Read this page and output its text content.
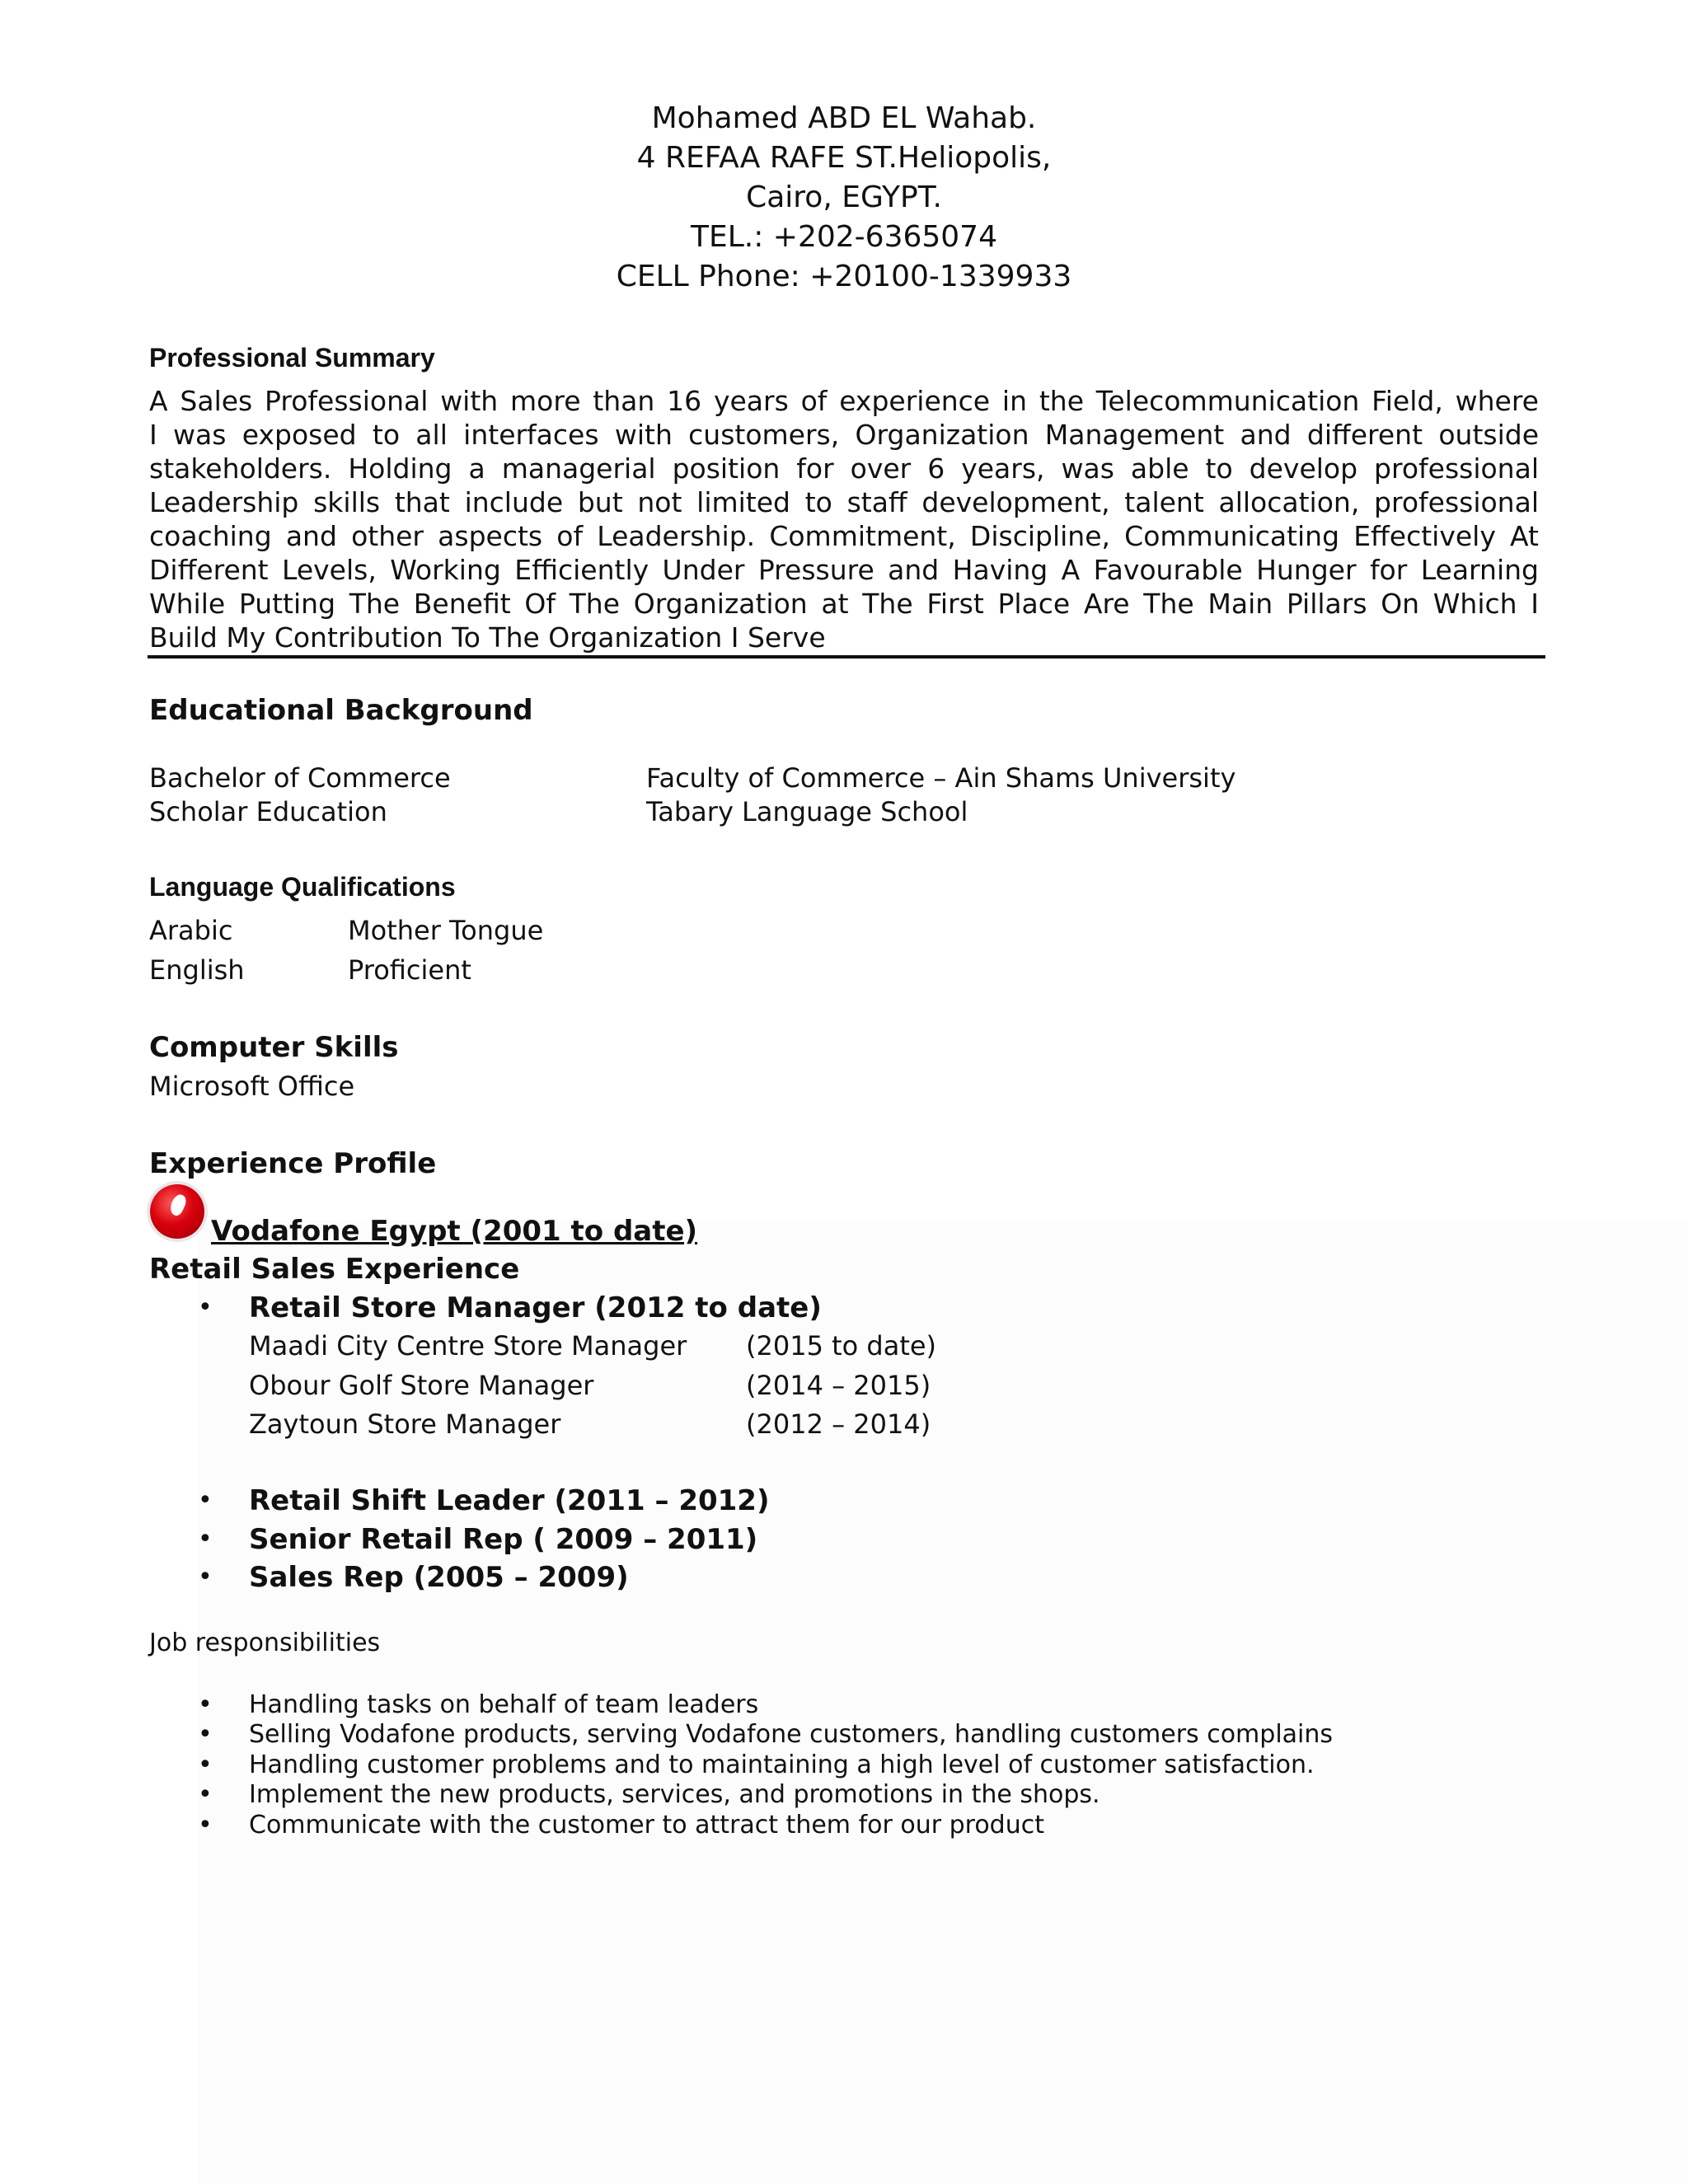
Mohamed ABD EL Wahab.
4 REFAA RAFE ST.Heliopolis,
Cairo, EGYPT.
TEL.: +202-6365074
CELL Phone: +20100-1339933
Professional Summary
A Sales Professional with more than 16 years of experience in the Telecommunication Field, where
I was exposed to all interfaces with customers, Organization Management and different outside
stakeholders. Holding a managerial position for over 6 years, was able to develop professional
Leadership skills that include but not limited to staff development, talent allocation, professional
coaching and other aspects of Leadership. Commitment, Discipline, Communicating Effectively At
Different Levels, Working Efficiently Under Pressure and Having A Favourable Hunger for Learning
While Putting The Benefit Of The Organization at The First Place Are The Main Pillars On Which I
Build My Contribution To The Organization I Serve
Educational Background
Bachelor of Commerce	Faculty of Commerce – Ain Shams University
Scholar Education	Tabary Language School
Language Qualifications
Arabic	Mother Tongue
English	Proficient
Computer Skills
Microsoft Office
Experience Profile
Vodafone Egypt (2001 to date)
Retail Sales Experience
• Retail Store Manager (2012 to date)
Maadi City Centre Store Manager (2015 to date)
Obour Golf Store Manager	(2014 – 2015)
Zaytoun Store Manager	(2012 – 2014)
• Retail Shift Leader (2011 – 2012)
• Senior Retail Rep ( 2009 – 2011)
• Sales Rep (2005 – 2009)
Job responsibilities
• Handling tasks on behalf of team leaders
• Selling Vodafone products, serving Vodafone customers, handling customers complains
• Handling customer problems and to maintaining a high level of customer satisfaction.
• Implement the new products, services, and promotions in the shops.
• Communicate with the customer to attract them for our product
